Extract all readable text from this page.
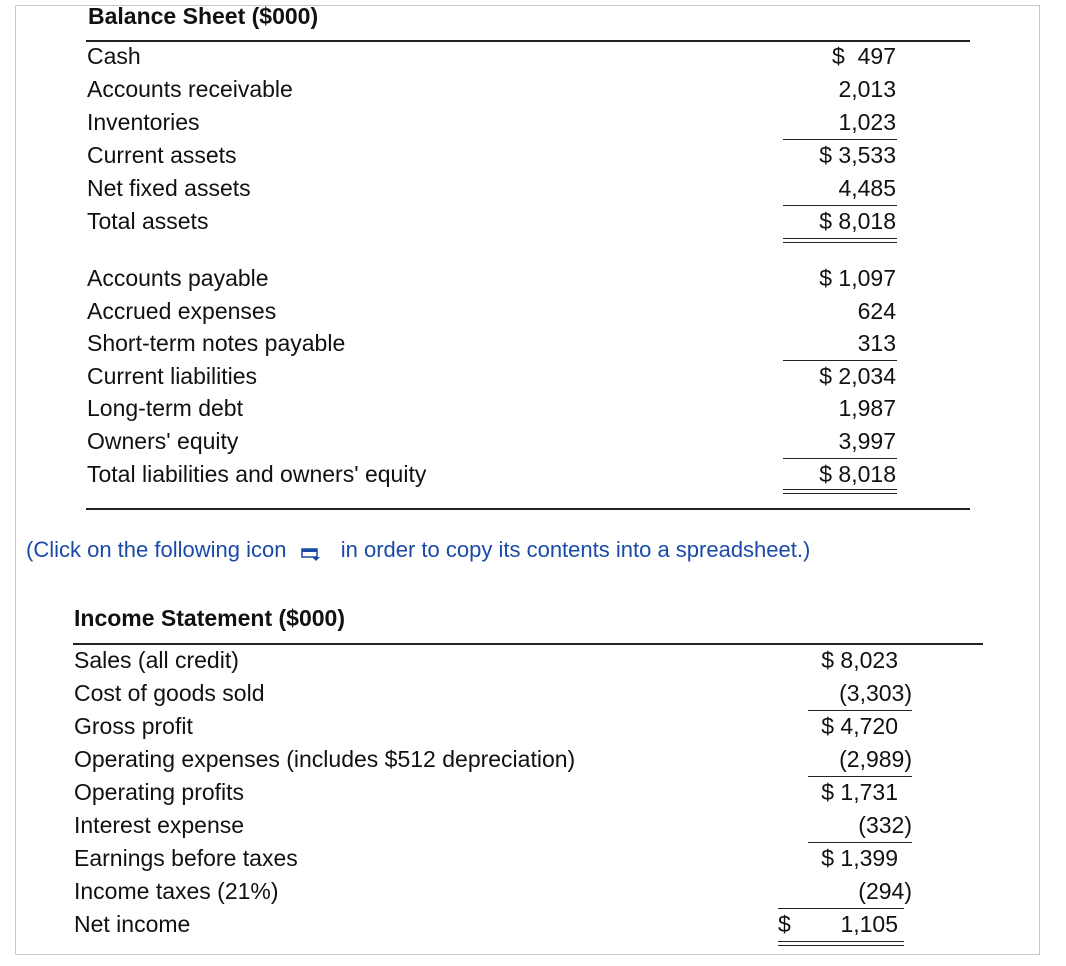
Balance Sheet ($000)
Cash	$  497
Accounts receivable	2,013
Inventories	1,023
Current assets	$ 3,533
Net fixed assets	4,485
Total assets	$ 8,018
Accounts payable	$ 1,097
Accrued expenses	624
Short-term notes payable	313
Current liabilities	$ 2,034
Long-term debt	1,987
Owners' equity	3,997
Total liabilities and owners' equity	$ 8,018
(Click on the following icon in order to copy its contents into a spreadsheet.)
Income Statement ($000)
Sales (all credit)	$ 8,023
Cost of goods sold	(3,303)
Gross profit	$ 4,720
Operating expenses (includes $512 depreciation)	(2,989)
Operating profits	$ 1,731
Interest expense	(332)
Earnings before taxes	$ 1,399
Income taxes (21%)	(294)
Net income	$	1,105
